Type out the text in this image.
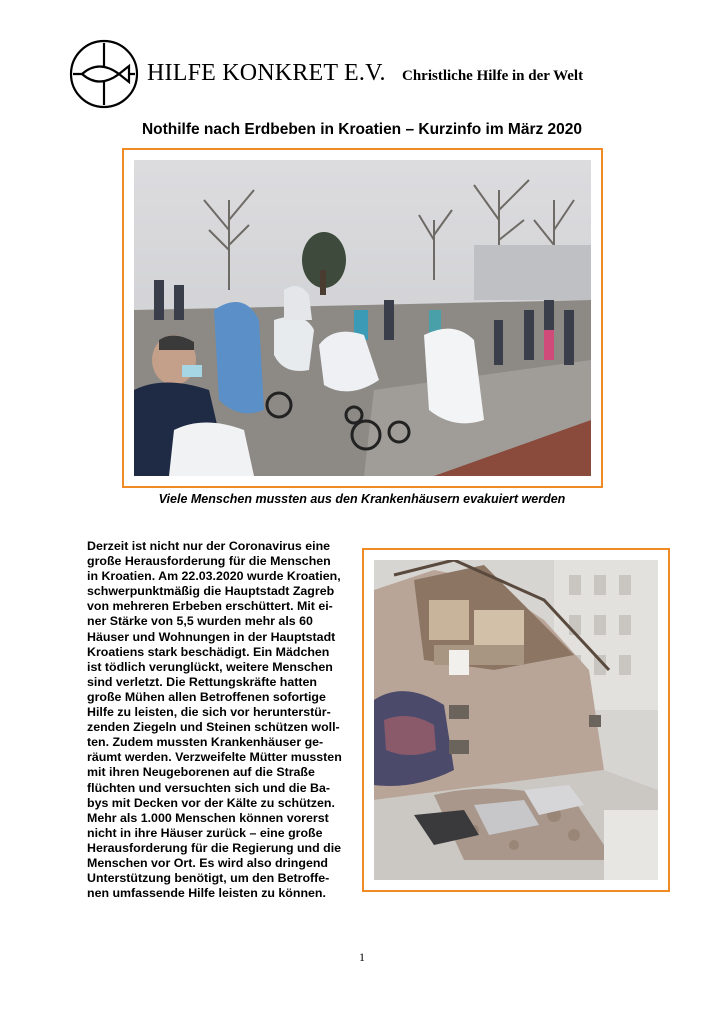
HILFE KONKRET E.V. Christliche Hilfe in der Welt
Nothilfe nach Erdbeben in Kroatien – Kurzinfo im März 2020
Viele Menschen mussten aus den Krankenhäusern evakuiert werden
Derzeit ist nicht nur der Coronavirus eine
große Herausforderung für die Menschen
in Kroatien. Am 22.03.2020 wurde Kroatien,
schwerpunktmäßig die Hauptstadt Zagreb
von mehreren Erbeben erschüttert. Mit ei-
ner Stärke von 5,5 wurden mehr als 60
Häuser und Wohnungen in der Hauptstadt
Kroatiens stark beschädigt. Ein Mädchen
ist tödlich verunglückt, weitere Menschen
sind verletzt. Die Rettungskräfte hatten
große Mühen allen Betroffenen sofortige
Hilfe zu leisten, die sich vor herunterstür-
zenden Ziegeln und Steinen schützen woll-
ten. Zudem mussten Krankenhäuser ge-
räumt werden. Verzweifelte Mütter mussten
mit ihren Neugeborenen auf die Straße
flüchten und versuchten sich und die Ba-
bys mit Decken vor der Kälte zu schützen.
Mehr als 1.000 Menschen können vorerst
nicht in ihre Häuser zurück – eine große
Herausforderung für die Regierung und die
Menschen vor Ort. Es wird also dringend
Unterstützung benötigt, um den Betroffe-
nen umfassende Hilfe leisten zu können.
1
